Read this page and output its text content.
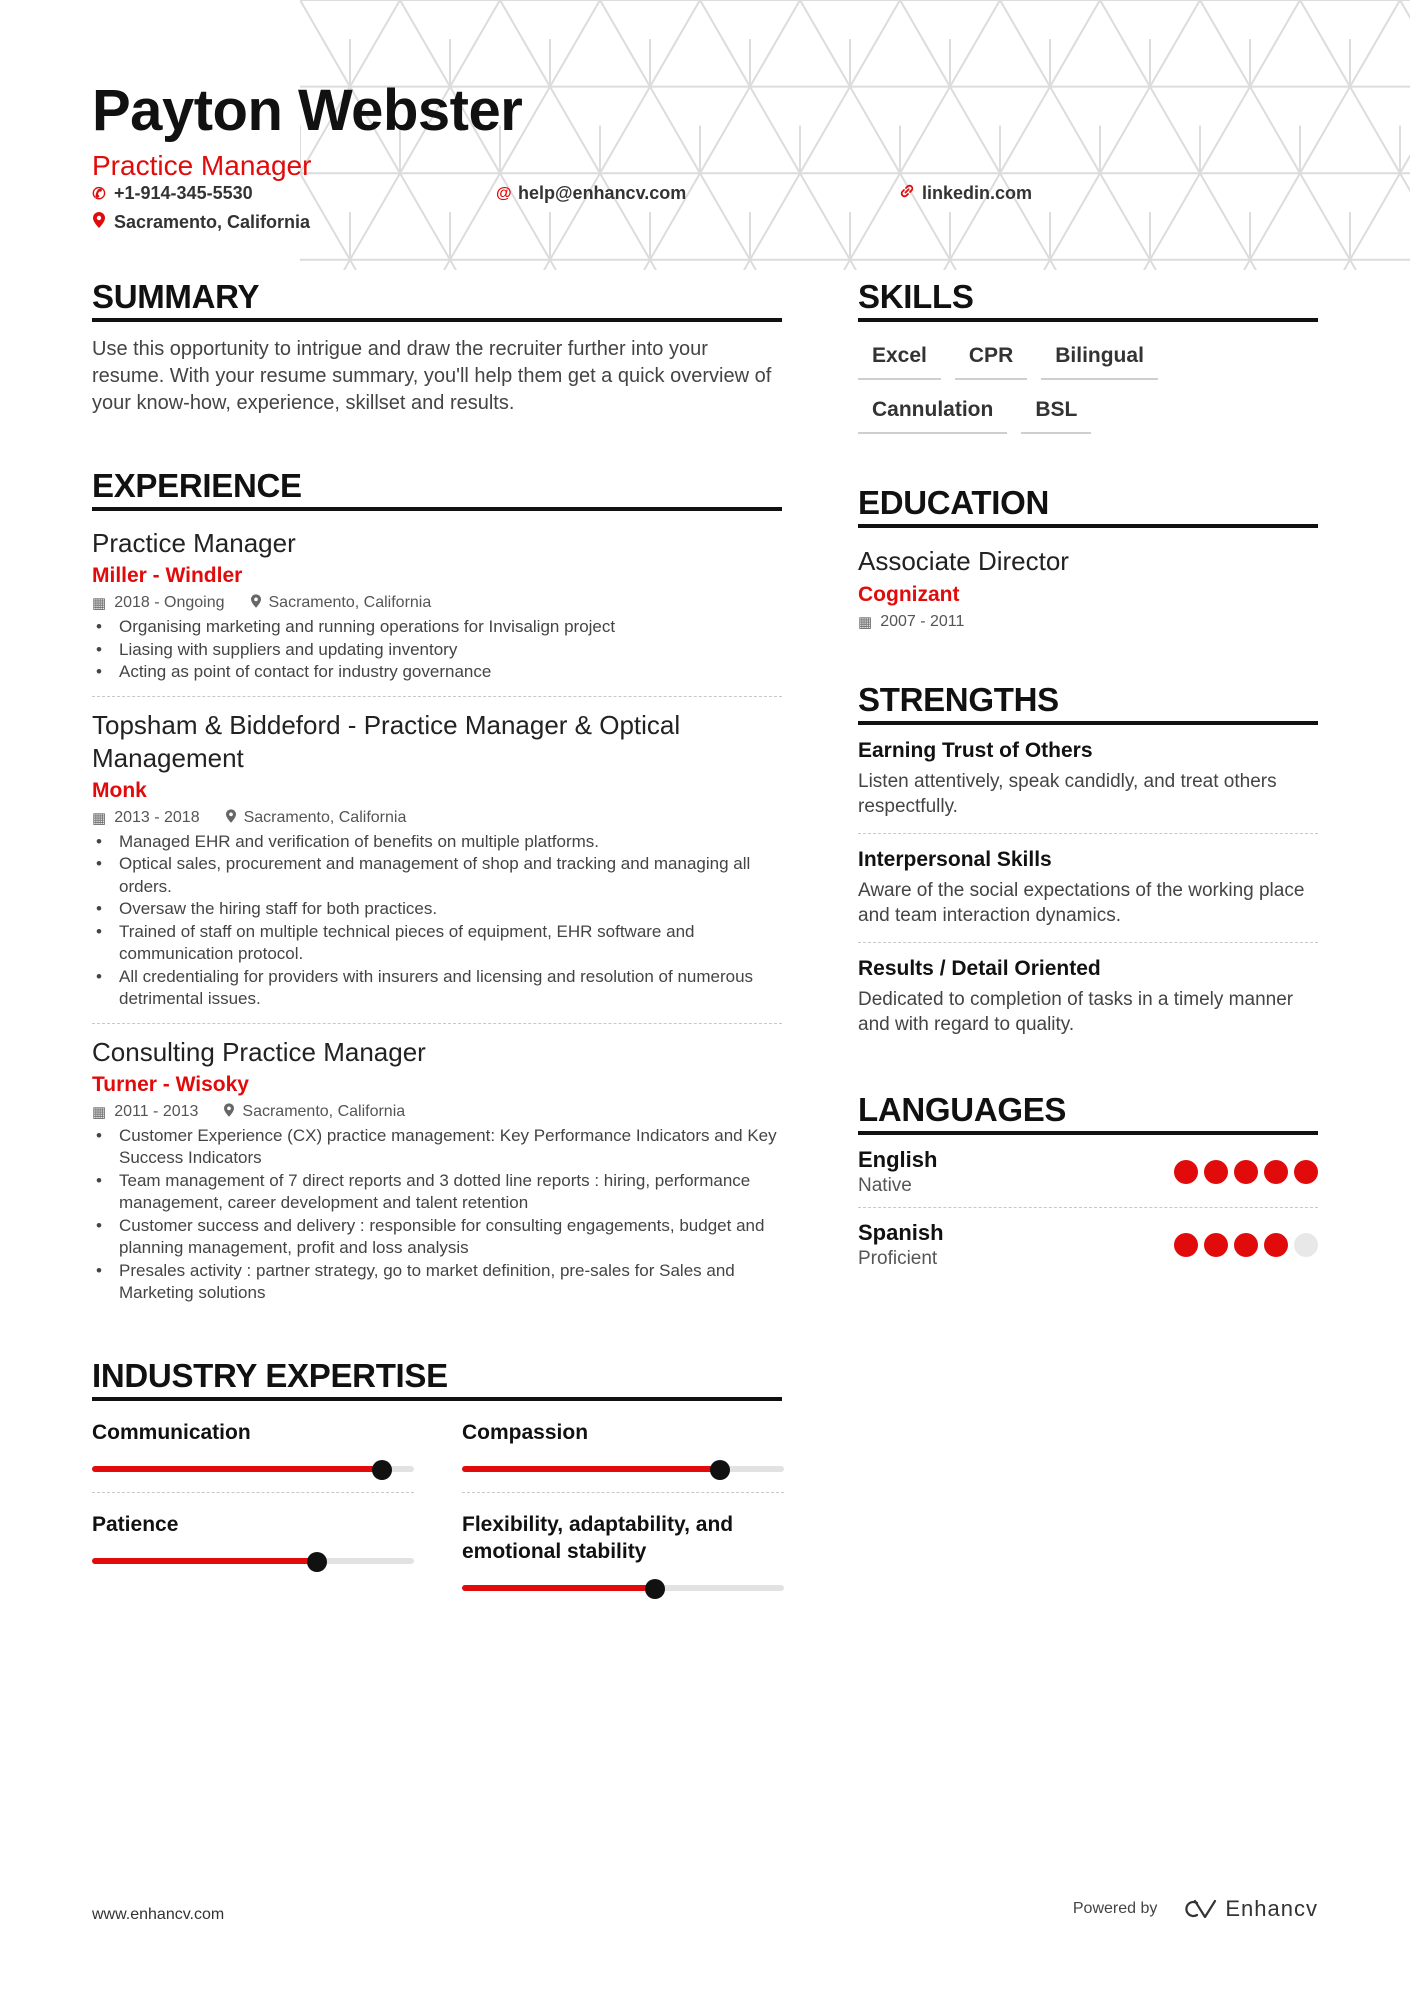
Payton Webster
Practice Manager
✆ +1-914-345-5530	@ help@enhancv.com	linkedin.com
Sacramento, California
SUMMARY
Use this opportunity to intrigue and draw the recruiter further into your resume. With your resume summary, you'll help them get a quick overview of your know-how, experience, skillset and results.
EXPERIENCE
Practice Manager
Miller - Windler
▦ 2018 - Ongoing	Sacramento, California
• Organising marketing and running operations for Invisalign project
• Liasing with suppliers and updating inventory
• Acting as point of contact for industry governance
Topsham & Biddeford - Practice Manager & Optical Management
Monk
▦ 2013 - 2018	Sacramento, California
• Managed EHR and verification of benefits on multiple platforms.
• Optical sales, procurement and management of shop and tracking and managing all orders.
• Oversaw the hiring staff for both practices.
• Trained of staff on multiple technical pieces of equipment, EHR software and communication protocol.
• All credentialing for providers with insurers and licensing and resolution of numerous detrimental issues.
Consulting Practice Manager
Turner - Wisoky
▦ 2011 - 2013	Sacramento, California
• Customer Experience (CX) practice management: Key Performance Indicators and Key Success Indicators
• Team management of 7 direct reports and 3 dotted line reports : hiring, performance management, career development and talent retention
• Customer success and delivery : responsible for consulting engagements, budget and planning management, profit and loss analysis
• Presales activity : partner strategy, go to market definition, pre-sales for Sales and Marketing solutions
INDUSTRY EXPERTISE
Communication	Compassion
Patience	Flexibility, adaptability, and emotional stability
SKILLS
Excel	CPR	Bilingual
Cannulation	BSL
EDUCATION
Associate Director
Cognizant
▦ 2007 - 2011
STRENGTHS
Earning Trust of Others
Listen attentively, speak candidly, and treat others respectfully.
Interpersonal Skills
Aware of the social expectations of the working place and team interaction dynamics.
Results / Detail Oriented
Dedicated to completion of tasks in a timely manner and with regard to quality.
LANGUAGES
English
Native
Spanish
Proficient
www.enhancv.com	Powered by	Enhancv
